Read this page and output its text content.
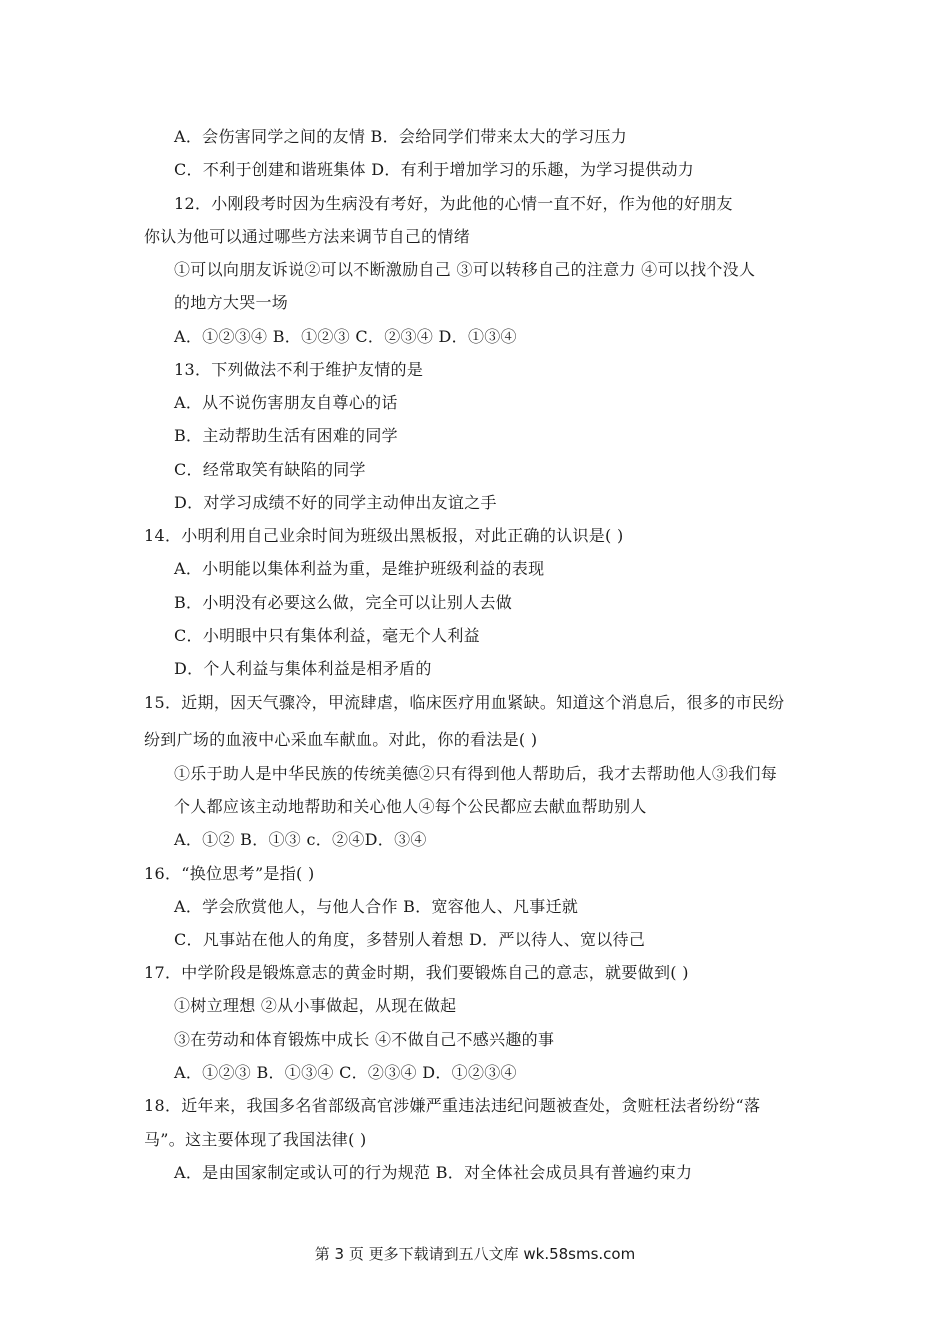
A．会伤害同学之间的友情 B．会给同学们带来太大的学习压力
C．不利于创建和谐班集体 D．有利于增加学习的乐趣，为学习提供动力
12．小刚段考时因为生病没有考好，为此他的心情一直不好，作为他的好朋友
你认为他可以通过哪些方法来调节自己的情绪
①可以向朋友诉说②可以不断激励自己 ③可以转移自己的注意力 ④可以找个没人
的地方大哭一场
A．①②③④ B．①②③ C．②③④ D．①③④
13．下列做法不利于维护友情的是
A．从不说伤害朋友自尊心的话
B．主动帮助生活有困难的同学
C．经常取笑有缺陷的同学
D．对学习成绩不好的同学主动伸出友谊之手
14．小明利用自己业余时间为班级出黑板报，对此正确的认识是( )
A．小明能以集体利益为重，是维护班级利益的表现
B．小明没有必要这么做，完全可以让别人去做
C．小明眼中只有集体利益，毫无个人利益
D．个人利益与集体利益是相矛盾的
15．近期，因天气骤冷，甲流肆虐，临床医疗用血紧缺。知道这个消息后，很多的市民纷
纷到广场的血液中心采血车献血。对此，你的看法是( )
①乐于助人是中华民族的传统美德②只有得到他人帮助后，我才去帮助他人③我们每
个人都应该主动地帮助和关心他人④每个公民都应去献血帮助别人
A．①② B．①③ c．②④D．③④
16．“换位思考”是指( )
A．学会欣赏他人，与他人合作 B．宽容他人、凡事迁就
C．凡事站在他人的角度，多替别人着想 D．严以待人、宽以待己
17．中学阶段是锻炼意志的黄金时期，我们要锻炼自己的意志，就要做到( )
①树立理想 ②从小事做起，从现在做起
③在劳动和体育锻炼中成长 ④不做自己不感兴趣的事
A．①②③ B．①③④ C．②③④ D．①②③④
18．近年来，我国多名省部级高官涉嫌严重违法违纪问题被查处，贪赃枉法者纷纷“落
马”。这主要体现了我国法律( )
A．是由国家制定或认可的行为规范 B．对全体社会成员具有普遍约束力
第 3 页 更多下载请到五八文库 wk.58sms.com
